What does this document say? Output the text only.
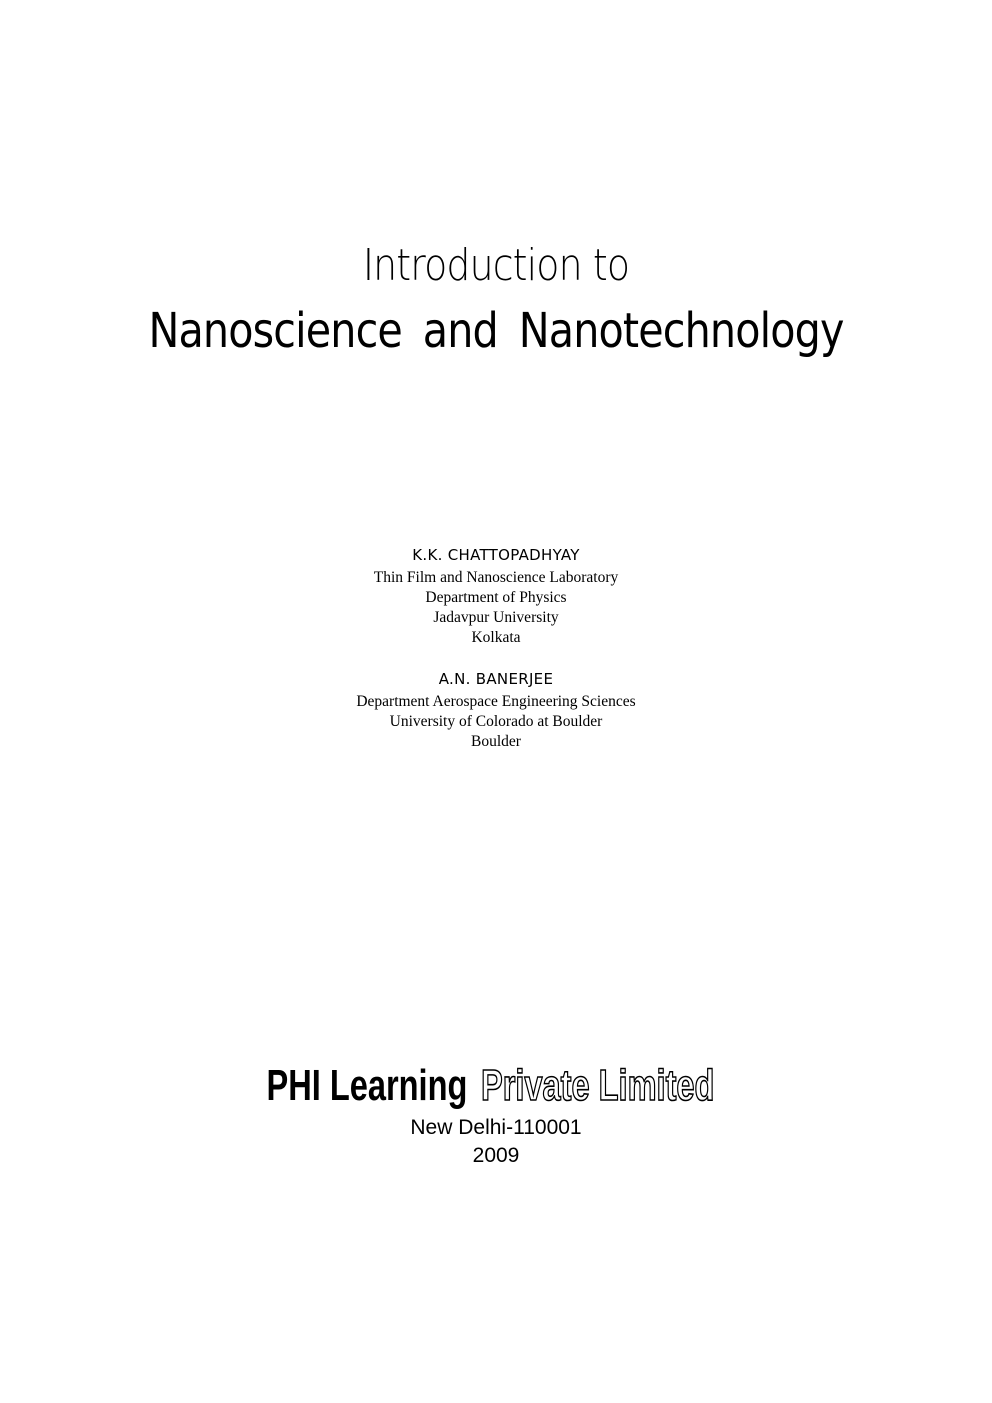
Introduction to
Nanoscience and Nanotechnology
K.K. CHATTOPADHYAY
Thin Film and Nanoscience Laboratory
Department of Physics
Jadavpur University
Kolkata
A.N. BANERJEE
Department Aerospace Engineering Sciences
University of Colorado at Boulder
Boulder
PHI Learning Private Limited
New Delhi-110001
2009
